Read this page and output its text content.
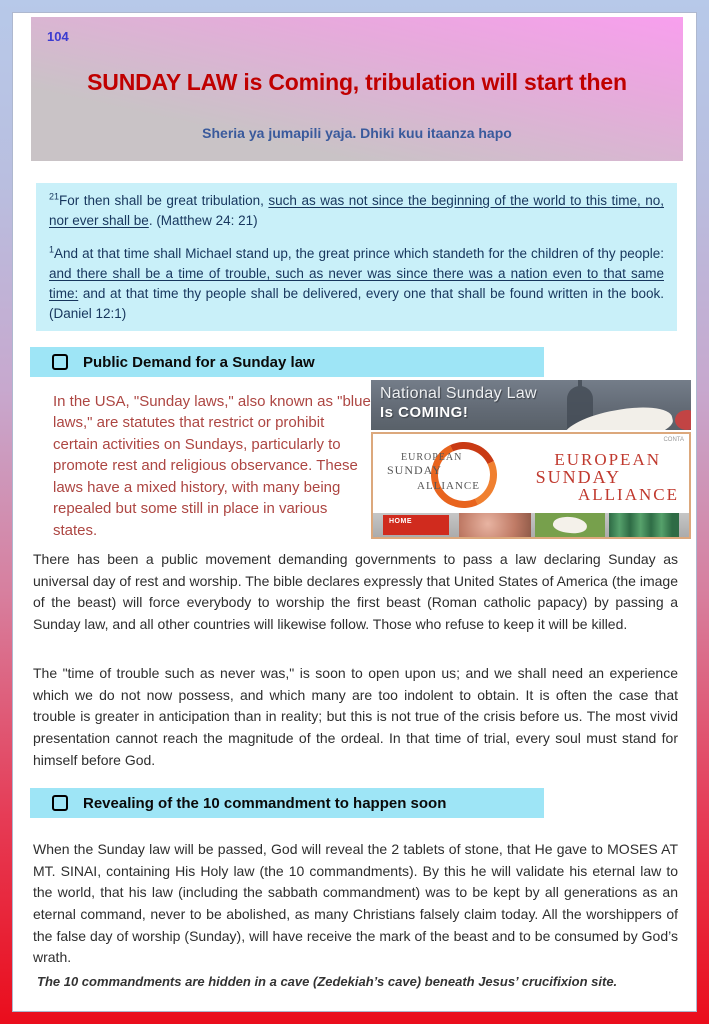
104
SUNDAY LAW is Coming, tribulation will start then
Sheria ya jumapili yaja. Dhiki kuu itaanza hapo

$^{21}$For then shall be great tribulation, such as was not since the beginning of the world to this time, no, nor ever shall be. (Matthew 24: 21)

$^1$And at that time shall Michael stand up, the great prince which standeth for the children of thy people: and there shall be a time of trouble, such as never was since there was a nation even to that same time: and at that time thy people shall be delivered, every one that shall be found written in the book. (Daniel 12:1)

Public Demand for a Sunday law
In the USA, "Sunday laws," also known as "blue laws," are statutes that restrict or prohibit certain activities on Sundays, particularly to promote rest and religious observance. These laws have a mixed history, with many being repealed but some still in place in various states.
National Sunday Law
Is COMING!
CONTA
EUROPEAN
SUNDAY
ALLIANCE
EUROPEAN
SUNDAY
ALLIANCE
HOME

There has been a public movement demanding governments to pass a law declaring Sunday as universal day of rest and worship. The bible declares expressly that United States of America (the image of the beast) will force everybody to worship the first beast (Roman catholic papacy) by passing a Sunday law, and all other countries will likewise follow. Those who refuse to keep it will be killed.

The "time of trouble such as never was," is soon to open upon us; and we shall need an experience which we do not now possess, and which many are too indolent to obtain. It is often the case that trouble is greater in anticipation than in reality; but this is not true of the crisis before us. The most vivid presentation cannot reach the magnitude of the ordeal. In that time of trial, every soul must stand for himself before God.

Revealing of the 10 commandment to happen soon

When the Sunday law will be passed, God will reveal the 2 tablets of stone, that He gave to MOSES AT MT. SINAI, containing His Holy law (the 10 commandments). By this he will validate his eternal law to the world, that his law (including the sabbath commandment) was to be kept by all generations as an eternal command, never to be abolished, as many Christians falsely claim today. All the worshippers of the false day of worship (Sunday), will have receive the mark of the beast and to be consumed by God’s wrath.

The 10 commandments are hidden in a cave (Zedekiah’s cave) beneath Jesus’ crucifixion site.
